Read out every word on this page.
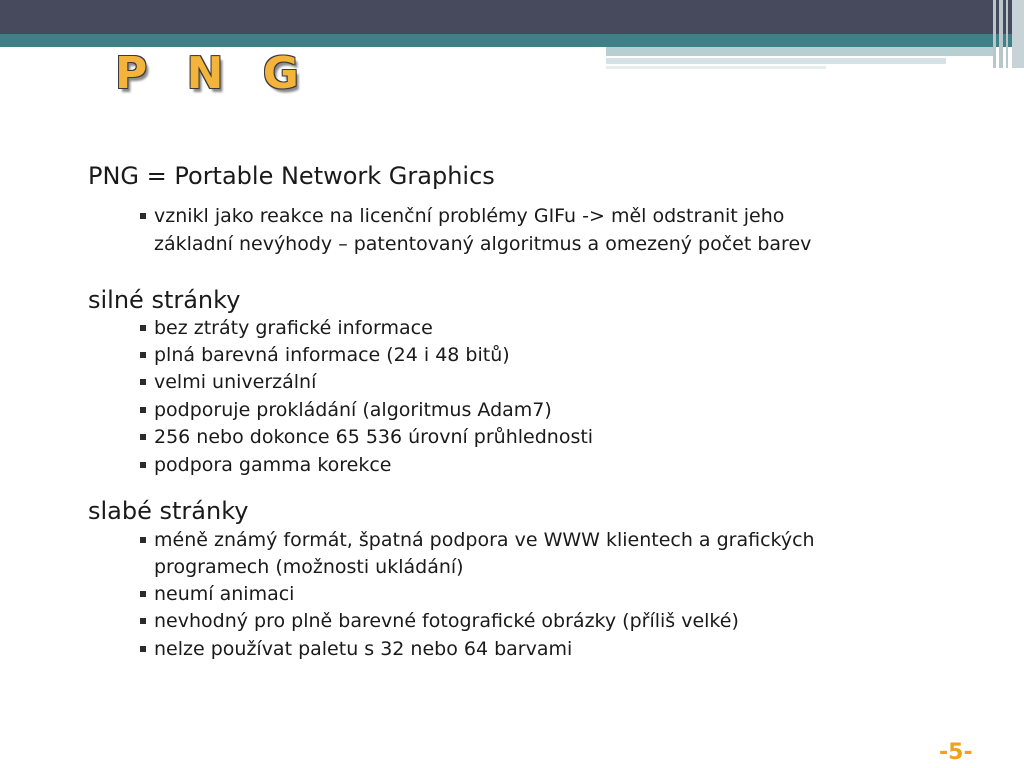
P N G
PNG = Portable Network Graphics
vznikl jako reakce na licenční problémy GIFu -> měl odstranit jeho
základní nevýhody – patentovaný algoritmus a omezený počet barev
silné stránky
bez ztráty grafické informace
plná barevná informace (24 i 48 bitů)
velmi univerzální
podporuje prokládání (algoritmus Adam7)
256 nebo dokonce 65 536 úrovní průhlednosti
podpora gamma korekce
slabé stránky
méně známý formát, špatná podpora ve WWW klientech a grafických
programech (možnosti ukládání)
neumí animaci
nevhodný pro plně barevné fotografické obrázky (příliš velké)
nelze používat paletu s 32 nebo 64 barvami
-5-
